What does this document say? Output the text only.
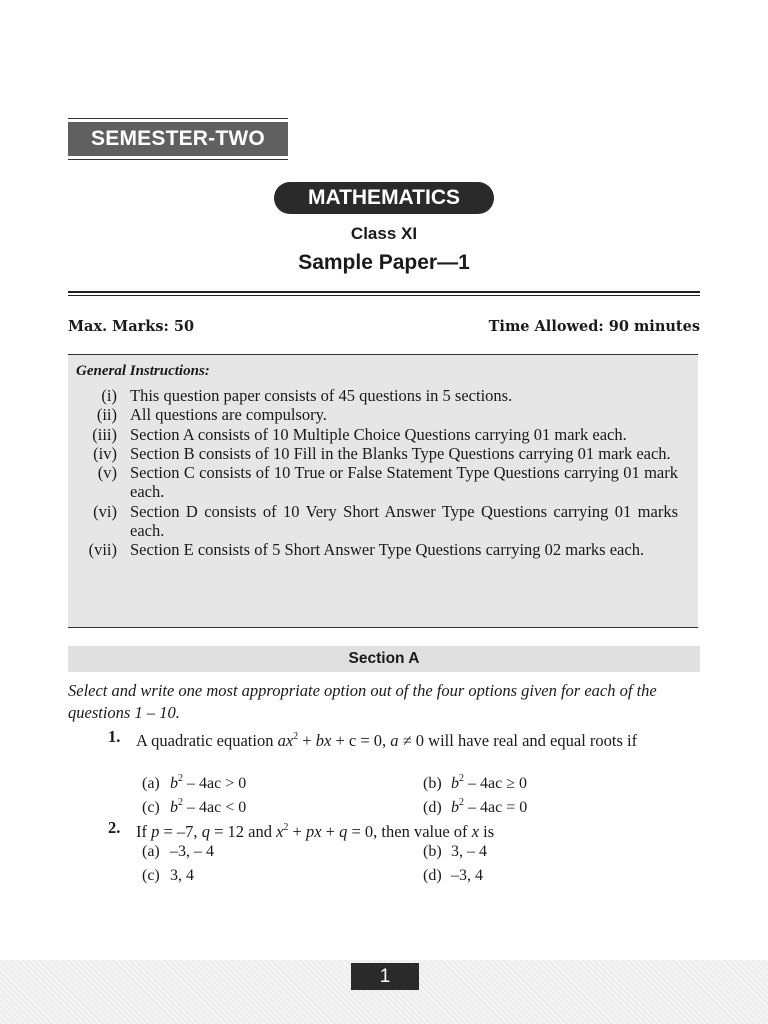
SEMESTER-TWO
MATHEMATICS
Class XI
Sample Paper—1
Max. Marks: 50	Time Allowed: 90 minutes
General Instructions:
(i) This question paper consists of 45 questions in 5 sections.
(ii) All questions are compulsory.
(iii) Section A consists of 10 Multiple Choice Questions carrying 01 mark each.
(iv) Section B consists of 10 Fill in the Blanks Type Questions carrying 01 mark each.
(v) Section C consists of 10 True or False Statement Type Questions carrying 01 mark each.
(vi) Section D consists of 10 Very Short Answer Type Questions carrying 01 marks each.
(vii) Section E consists of 5 Short Answer Type Questions carrying 02 marks each.
Section A
Select and write one most appropriate option out of the four options given for each of the questions 1 – 10.
1. A quadratic equation $ax^2$ + bx + c = 0, a ≠ 0 will have real and equal roots if
(a) $b^2 - 4ac > 0$	(b) $b^2 - 4ac \ge 0$
(c) $b^2 - 4ac < 0$	(d) $b^2 - 4ac = 0$
2. If p = –7, q = 12 and $x^2$ + px + q = 0, then value of x is
(a) –3, – 4	(b) 3, – 4
(c) 3, 4	(d) –3, 4
1
